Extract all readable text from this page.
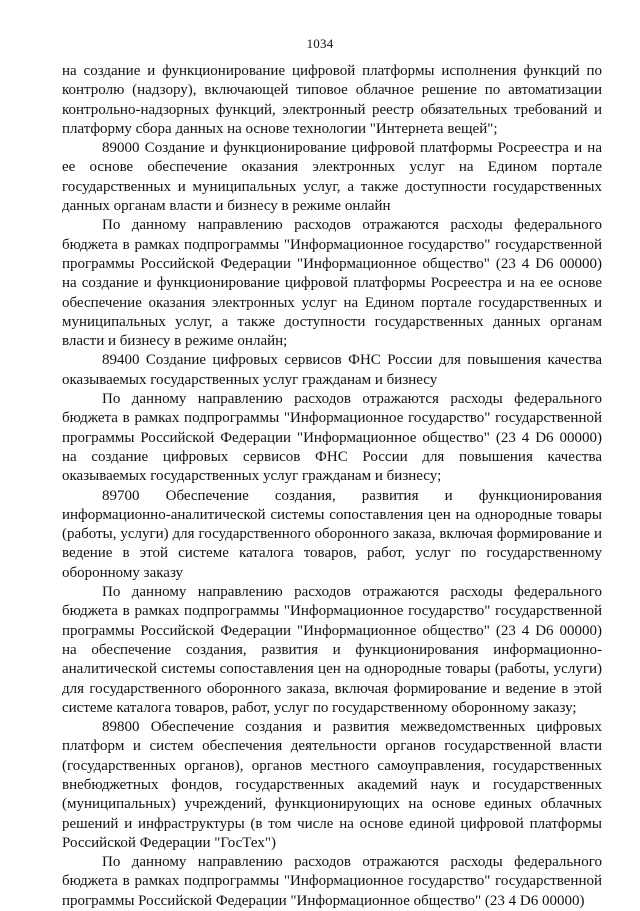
1034

на создание и функционирование цифровой платформы исполнения функций по контролю (надзору), включающей типовое облачное решение по автоматизации контрольно-надзорных функций, электронный реестр обязательных требований и платформу сбора данных на основе технологии "Интернета вещей";

89000 Создание и функционирование цифровой платформы Росреестра и на ее основе обеспечение оказания электронных услуг на Едином портале государственных и муниципальных услуг, а также доступности государственных данных органам власти и бизнесу в режиме онлайн

По данному направлению расходов отражаются расходы федерального бюджета в рамках подпрограммы "Информационное государство" государственной программы Российской Федерации "Информационное общество" (23 4 D6 00000) на создание и функционирование цифровой платформы Росреестра и на ее основе обеспечение оказания электронных услуг на Едином портале государственных и муниципальных услуг, а также доступности государственных данных органам власти и бизнесу в режиме онлайн;

89400 Создание цифровых сервисов ФНС России для повышения качества оказываемых государственных услуг гражданам и бизнесу

По данному направлению расходов отражаются расходы федерального бюджета в рамках подпрограммы "Информационное государство" государственной программы Российской Федерации "Информационное общество" (23 4 D6 00000) на создание цифровых сервисов ФНС России для повышения качества оказываемых государственных услуг гражданам и бизнесу;

89700 Обеспечение создания, развития и функционирования информационно-аналитической системы сопоставления цен на однородные товары (работы, услуги) для государственного оборонного заказа, включая формирование и ведение в этой системе каталога товаров, работ, услуг по государственному оборонному заказу

По данному направлению расходов отражаются расходы федерального бюджета в рамках подпрограммы "Информационное государство" государственной программы Российской Федерации "Информационное общество" (23 4 D6 00000) на обеспечение создания, развития и функционирования информационно-аналитической системы сопоставления цен на однородные товары (работы, услуги) для государственного оборонного заказа, включая формирование и ведение в этой системе каталога товаров, работ, услуг по государственному оборонному заказу;

89800 Обеспечение создания и развития межведомственных цифровых платформ и систем обеспечения деятельности органов государственной власти (государственных органов), органов местного самоуправления, государственных внебюджетных фондов, государственных академий наук и государственных (муниципальных) учреждений, функционирующих на основе единых облачных решений и инфраструктуры (в том числе на основе единой цифровой платформы Российской Федерации "ГосТех")

По данному направлению расходов отражаются расходы федерального бюджета в рамках подпрограммы "Информационное государство" государственной программы Российской Федерации "Информационное общество" (23 4 D6 00000)
